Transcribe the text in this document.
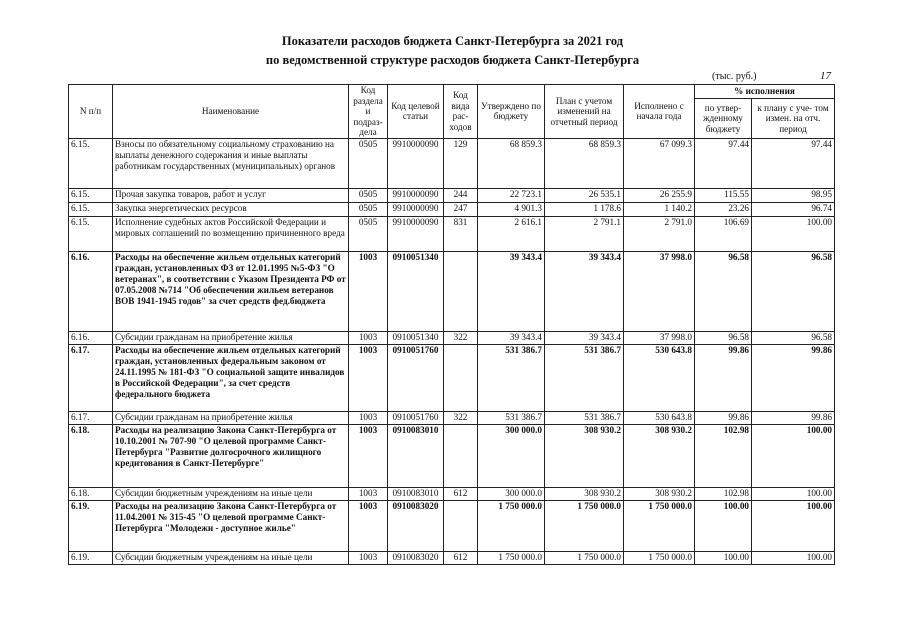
Показатели расходов бюджета Санкт-Петербурга за 2021 год
по ведомственной структуре расходов бюджета Санкт-Петербурга
(тыс. руб.)	17
N п/п	Наименование	Код раздела и подраз- дела	Код целевой статьи	Код вида рас- ходов	Утверждено по бюджету	План с учетом изменений на отчетный период	Исполнено с начала года	% исполнения	
								по утвер- жденному бюджету	к плану с уче- том измен. на отч. период
6.15.	Взносы по обязательному социальному страхованию на выплаты денежного содержания и иные выплаты работникам государственных (муниципальных) органов	0505	9910000090	129	68 859.3	68 859.3	67 099.3	97.44	97.44
6.15.	Прочая закупка товаров, работ и услуг	0505	9910000090	244	22 723.1	26 535.1	26 255.9	115.55	98.95
6.15.	Закупка энергетических ресурсов	0505	9910000090	247	4 901.3	1 178.6	1 140.2	23.26	96.74
6.15.	Исполнение судебных актов Российской Федерации и мировых соглашений по возмещению причиненного вреда	0505	9910000090	831	2 616.1	2 791.1	2 791.0	106.69	100.00
6.16.	Расходы на обеспечение жильем отдельных категорий граждан, установленных ФЗ от 12.01.1995 №5-ФЗ "О ветеранах", в соответствии с Указом Президента РФ от 07.05.2008 №714 "Об обеспечении жильем ветеранов ВОВ 1941-1945 годов" за счет средств фед.бюджета	1003	0910051340		39 343.4	39 343.4	37 998.0	96.58	96.58
6.16.	Субсидии гражданам на приобретение жилья	1003	0910051340	322	39 343.4	39 343.4	37 998.0	96.58	96.58
6.17.	Расходы на обеспечение жильем отдельных категорий граждан, установленных федеральным законом от 24.11.1995 № 181-ФЗ "О социальной защите инвалидов в Российской Федерации", за счет средств федерального бюджета	1003	0910051760		531 386.7	531 386.7	530 643.8	99.86	99.86
6.17.	Субсидии гражданам на приобретение жилья	1003	0910051760	322	531 386.7	531 386.7	530 643.8	99.86	99.86
6.18.	Расходы на реализацию Закона Санкт-Петербурга от 10.10.2001 № 707-90 "О целевой программе Санкт-Петербурга "Развитие долгосрочного жилищного кредитования в Санкт-Петербурге"	1003	0910083010		300 000.0	308 930.2	308 930.2	102.98	100.00
6.18.	Субсидии бюджетным учреждениям на иные цели	1003	0910083010	612	300 000.0	308 930.2	308 930.2	102.98	100.00
6.19.	Расходы на реализацию Закона Санкт-Петербурга от 11.04.2001 № 315-45 "О целевой программе Санкт-Петербурга "Молодежи - доступное жилье"	1003	0910083020		1 750 000.0	1 750 000.0	1 750 000.0	100.00	100.00
6.19.	Субсидии бюджетным учреждениям на иные цели	1003	0910083020	612	1 750 000.0	1 750 000.0	1 750 000.0	100.00	100.00
